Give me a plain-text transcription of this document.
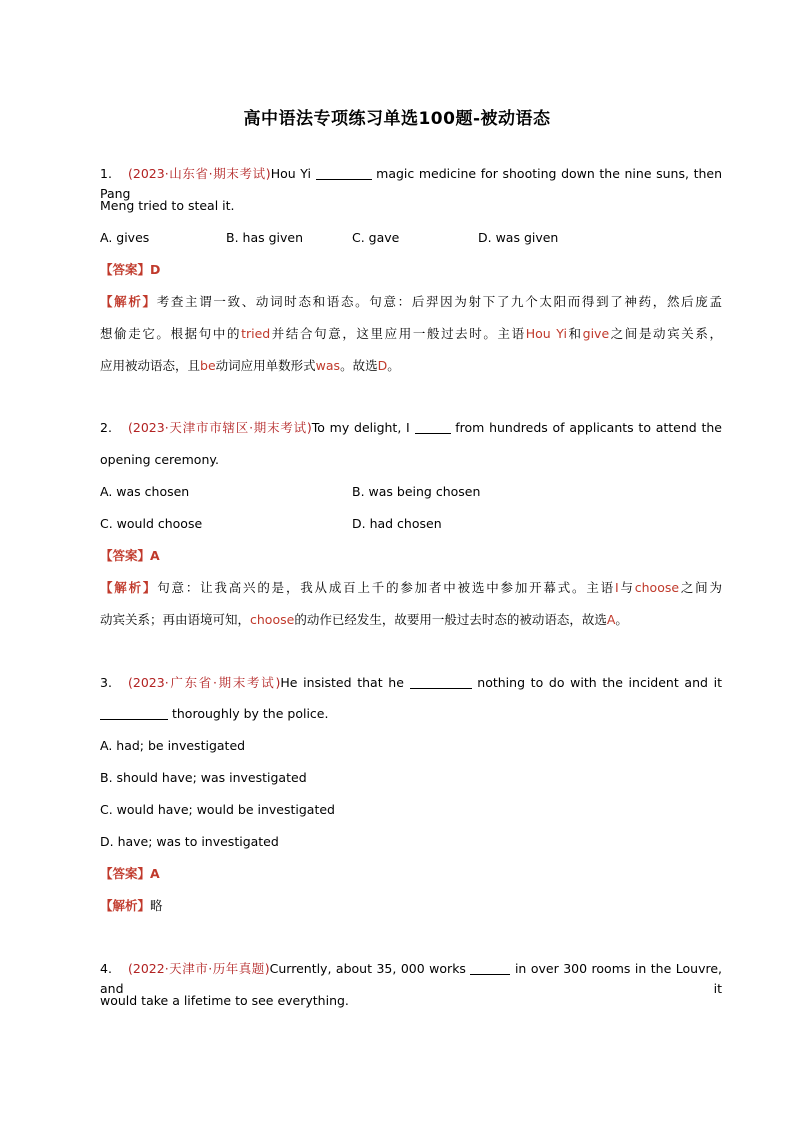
高中语法专项练习单选100题-被动语态
1. (2023·山东省·期末考试)Hou Yi	magic medicine for shooting down the nine suns, then Pang
Meng tried to steal it.
A. gives	B. has given	C. gave	D. was given
【答案】D
【解析】考查主谓一致、动词时态和语态。句意：后羿因为射下了九个太阳而得到了神药，然后庞孟
想偷走它。根据句中的tried并结合句意，这里应用一般过去时。主语Hou Yi和give之间是动宾关系，
应用被动语态，且be动词应用单数形式was。故选D。
2. (2023·天津市市辖区·期末考试)To my delight, I	from hundreds of applicants to attend the
opening ceremony.
A. was chosen	B. was being chosen
C. would choose	D. had chosen
【答案】A
【解析】句意：让我高兴的是，我从成百上千的参加者中被选中参加开幕式。主语I与choose之间为
动宾关系；再由语境可知，choose的动作已经发生，故要用一般过去时态的被动语态，故选A。
3. (2023·广东省·期末考试)He insisted that he	nothing to do with the incident and it
thoroughly by the police.
A. had; be investigated
B. should have; was investigated
C. would have; would be investigated
D. have; was to investigated
【答案】A
【解析】略
4. (2022·天津市·历年真题)Currently, about 35, 000 works	in over 300 rooms in the Louvre, and it
would take a lifetime to see everything.
